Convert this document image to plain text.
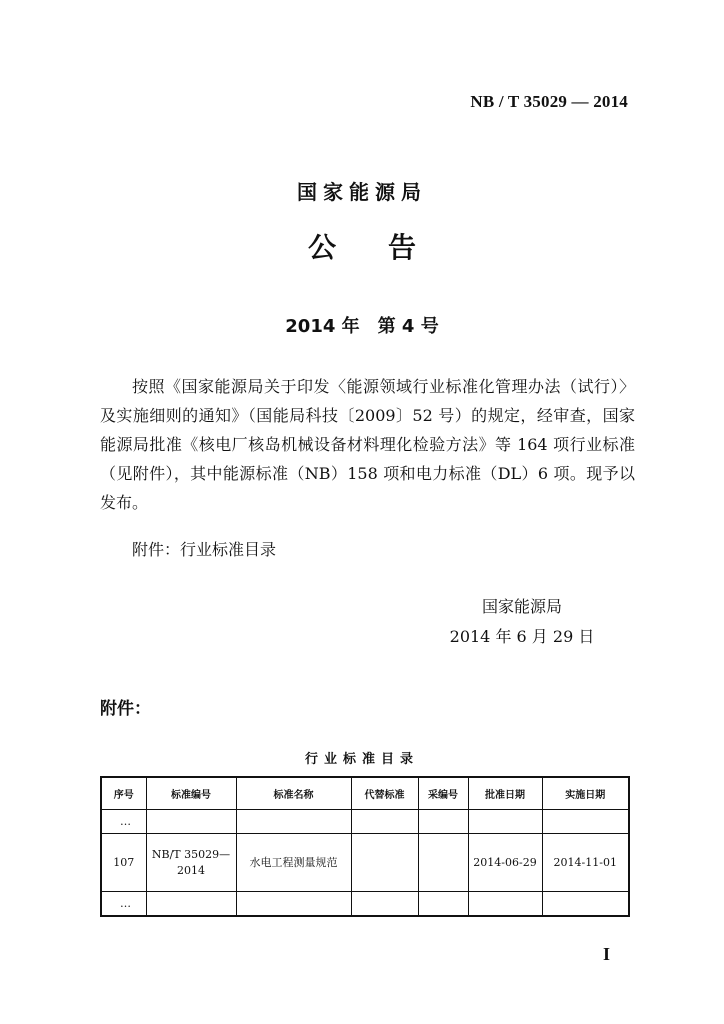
NB / T 35029 — 2014
国家能源局
公 告
2014 年　第 4 号

按照《国家能源局关于印发〈能源领域行业标准化管理办法（试行）〉及实施细则的通知》（国能局科技〔2009〕52 号）的规定，经审查，国家能源局批准《核电厂核岛机械设备材料理化检验方法》等 164 项行业标准（见附件），其中能源标准（NB）158 项和电力标准（DL）6 项。现予以发布。

附件：行业标准目录
国家能源局
2014 年 6 月 29 日
附件：
行业标准目录
序号	标准编号	标准名称	代替标准	采编号	批准日期	实施日期
…						
107	NB/T 35029—2014	水电工程测量规范			2014-06-29	2014-11-01
…						
I
